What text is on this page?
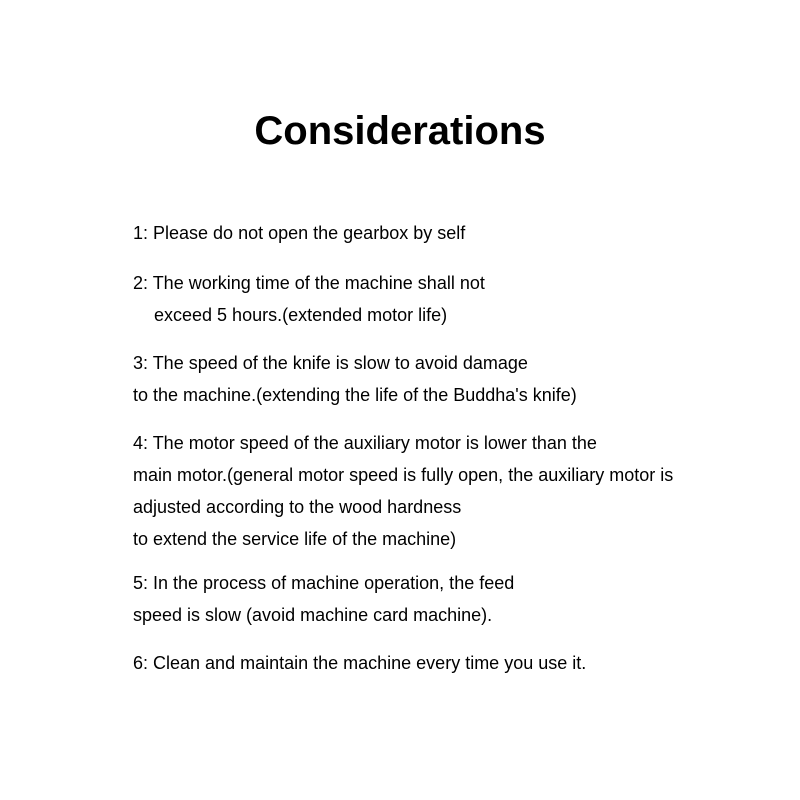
Considerations

1: Please do not open the gearbox by self

2: The working time of the machine shall not

exceed 5 hours.(extended motor life)

3: The speed of the knife is slow to avoid damage

to the machine.(extending the life of the Buddha's knife)

4: The motor speed of the auxiliary motor is lower than the

main motor.(general motor speed is fully open, the auxiliary motor is

adjusted according to the wood hardness

to extend the service life of the machine)

5: In the process of machine operation, the feed

speed is slow (avoid machine card machine).

6: Clean and maintain the machine every time you use it.
